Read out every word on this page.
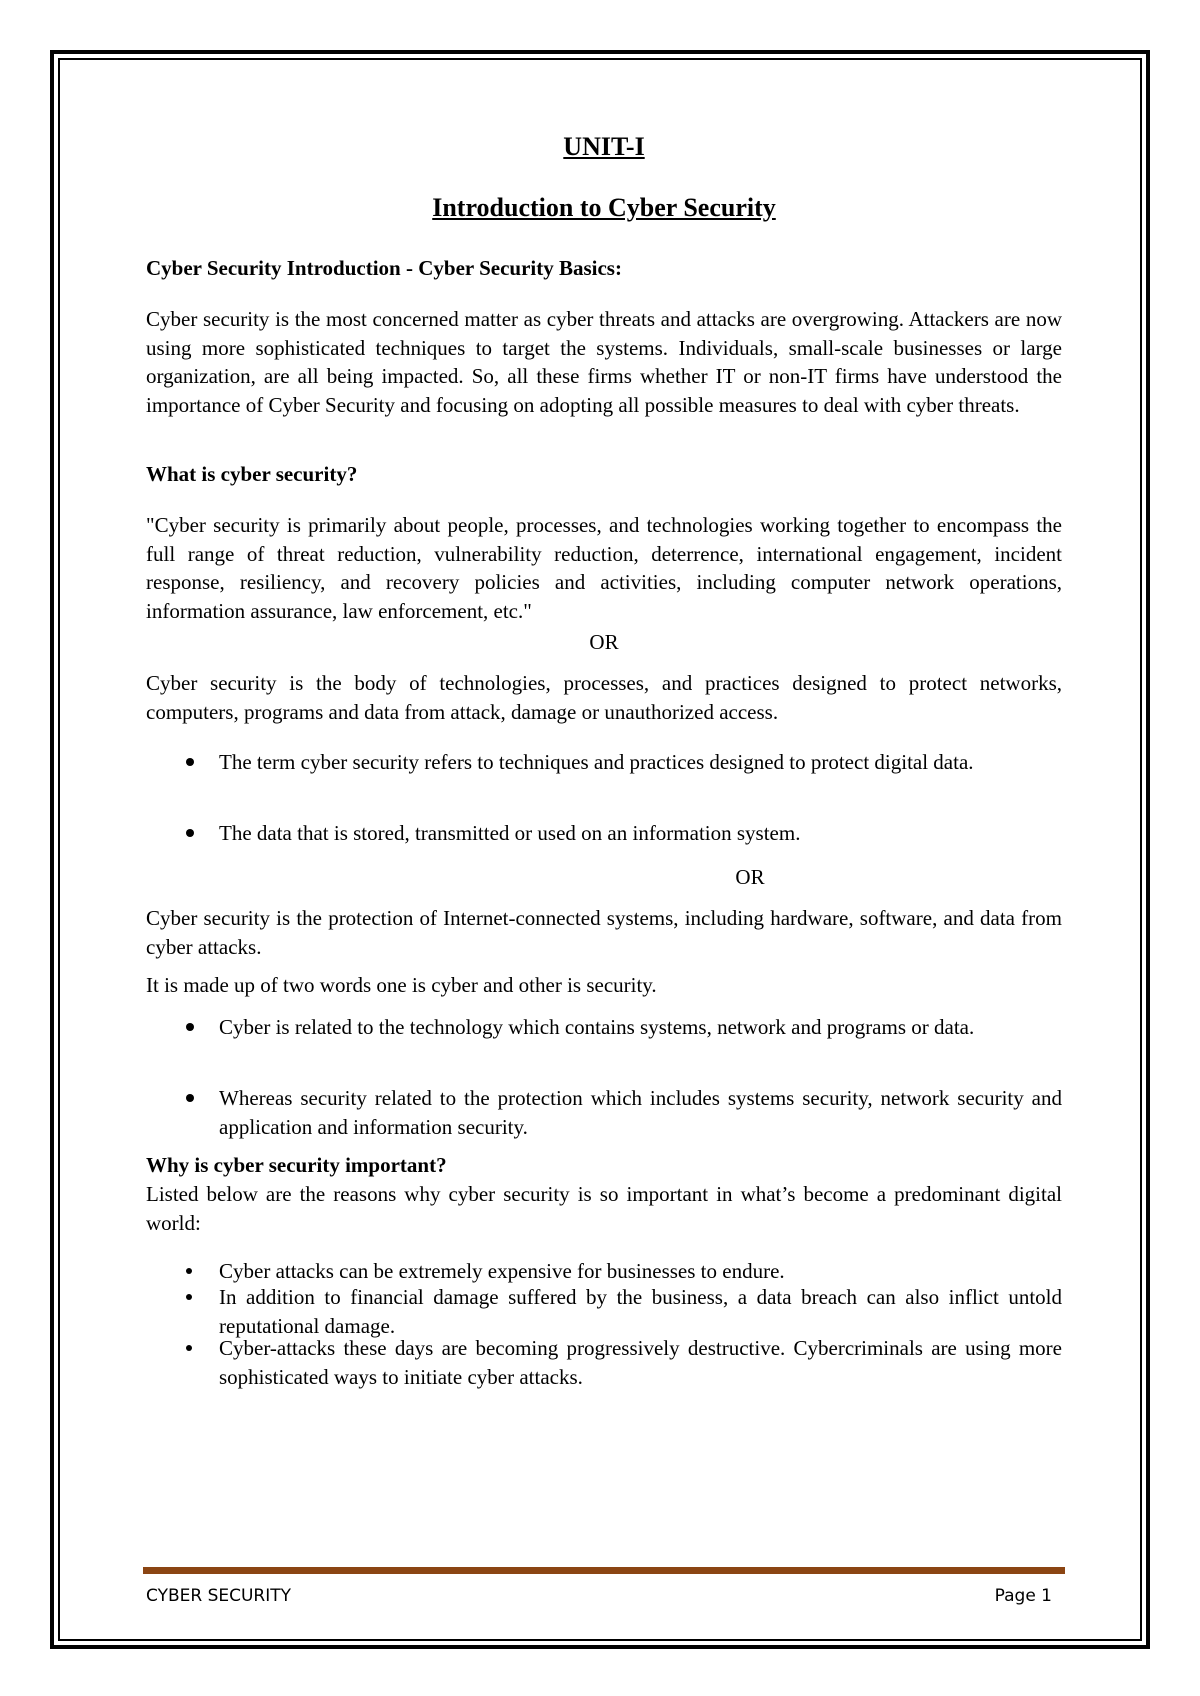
UNIT-I
Introduction to Cyber Security
Cyber Security Introduction - Cyber Security Basics:
Cyber security is the most concerned matter as cyber threats and attacks are overgrowing. Attackers are now using more sophisticated techniques to target the systems. Individuals, small-scale businesses or large organization, are all being impacted. So, all these firms whether IT or non-IT firms have understood the importance of Cyber Security and focusing on adopting all possible measures to deal with cyber threats.
What is cyber security?
"Cyber security is primarily about people, processes, and technologies working together to encompass the full range of threat reduction, vulnerability reduction, deterrence, international engagement, incident response, resiliency, and recovery policies and activities, including computer network operations, information assurance, law enforcement, etc."
OR
Cyber security is the body of technologies, processes, and practices designed to protect networks, computers, programs and data from attack, damage or unauthorized access.
The term cyber security refers to techniques and practices designed to protect digital data.
The data that is stored, transmitted or used on an information system.
OR
Cyber security is the protection of Internet-connected systems, including hardware, software, and data from cyber attacks.
It is made up of two words one is cyber and other is security.
Cyber is related to the technology which contains systems, network and programs or data.
Whereas security related to the protection which includes systems security, network security and application and information security.
Why is cyber security important?
Listed below are the reasons why cyber security is so important in what’s become a predominant digital world:
Cyber attacks can be extremely expensive for businesses to endure.
In addition to financial damage suffered by the business, a data breach can also inflict untold reputational damage.
Cyber-attacks these days are becoming progressively destructive. Cybercriminals are using more sophisticated ways to initiate cyber attacks.
CYBER SECURITY	Page 1
